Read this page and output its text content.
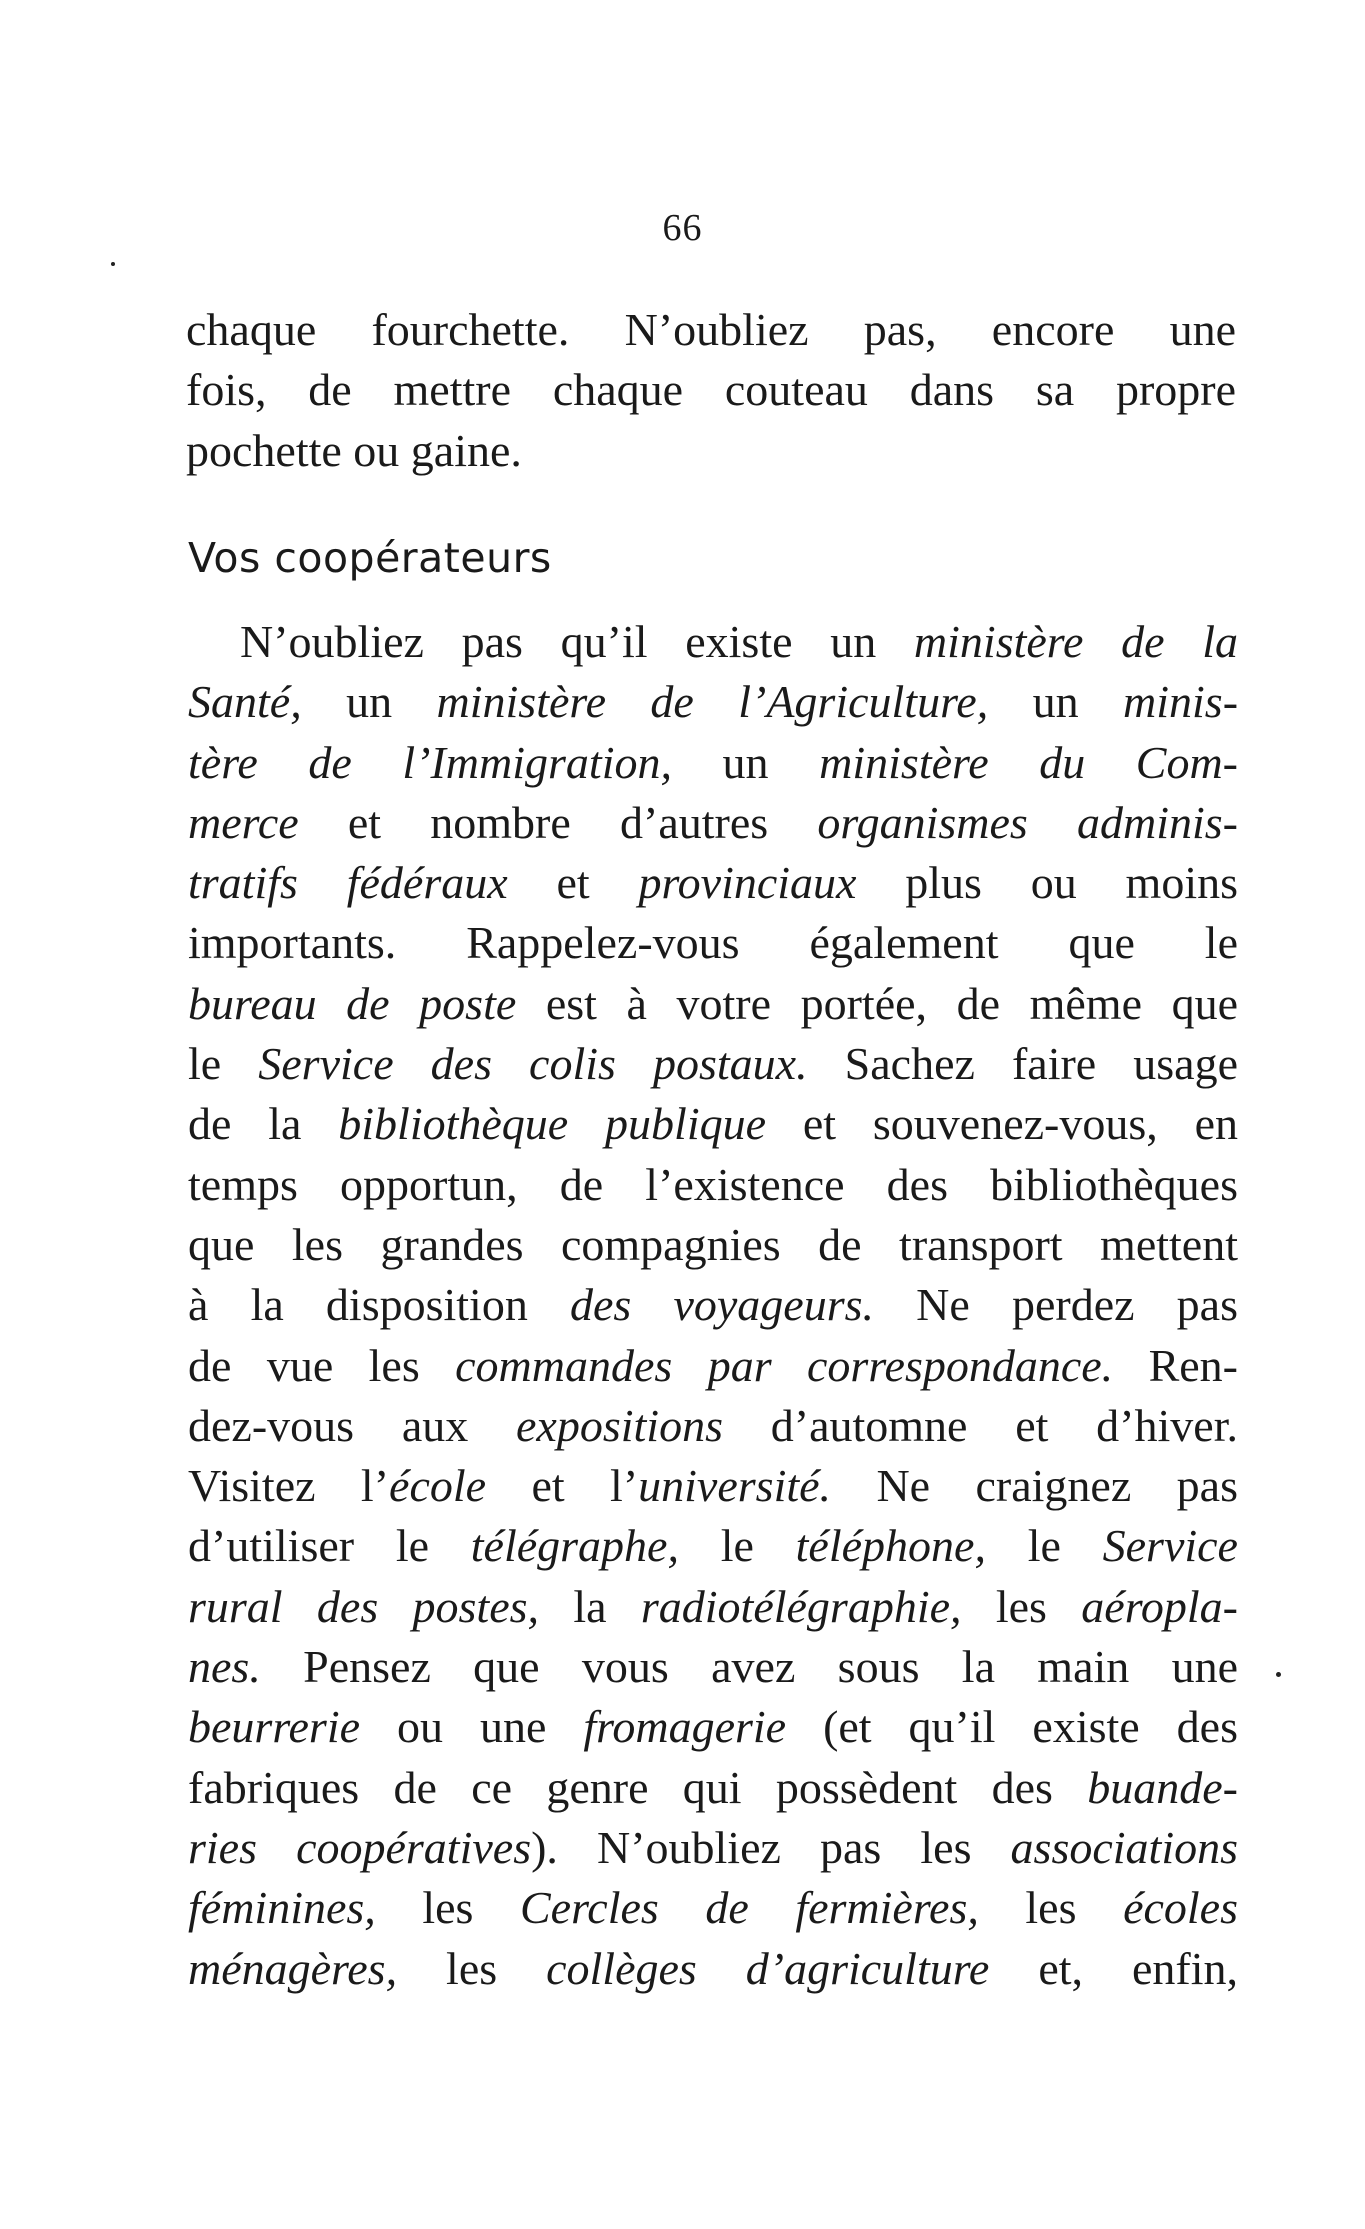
66
chaque fourchette. N’oubliez pas, encore une
fois, de mettre chaque couteau dans sa propre
pochette ou gaine.
Vos coopérateurs
N’oubliez pas qu’il existe un ministère de la
Santé, un ministère de l’Agriculture, un minis-
tère de l’Immigration, un ministère du Com-
merce et nombre d’autres organismes adminis-
tratifs fédéraux et provinciaux plus ou moins
importants. Rappelez-vous également que le
bureau de poste est à votre portée, de même que
le Service des colis postaux. Sachez faire usage
de la bibliothèque publique et souvenez-vous, en
temps opportun, de l’existence des bibliothèques
que les grandes compagnies de transport mettent
à la disposition des voyageurs. Ne perdez pas
de vue les commandes par correspondance. Ren-
dez-vous aux expositions d’automne et d’hiver.
Visitez l’école et l’université. Ne craignez pas
d’utiliser le télégraphe, le téléphone, le Service
rural des postes, la radiotélégraphie, les aéropla-
nes. Pensez que vous avez sous la main une
beurrerie ou une fromagerie (et qu’il existe des
fabriques de ce genre qui possèdent des buande-
ries coopératives). N’oubliez pas les associations
féminines, les Cercles de fermières, les écoles
ménagères, les collèges d’agriculture et, enfin,
